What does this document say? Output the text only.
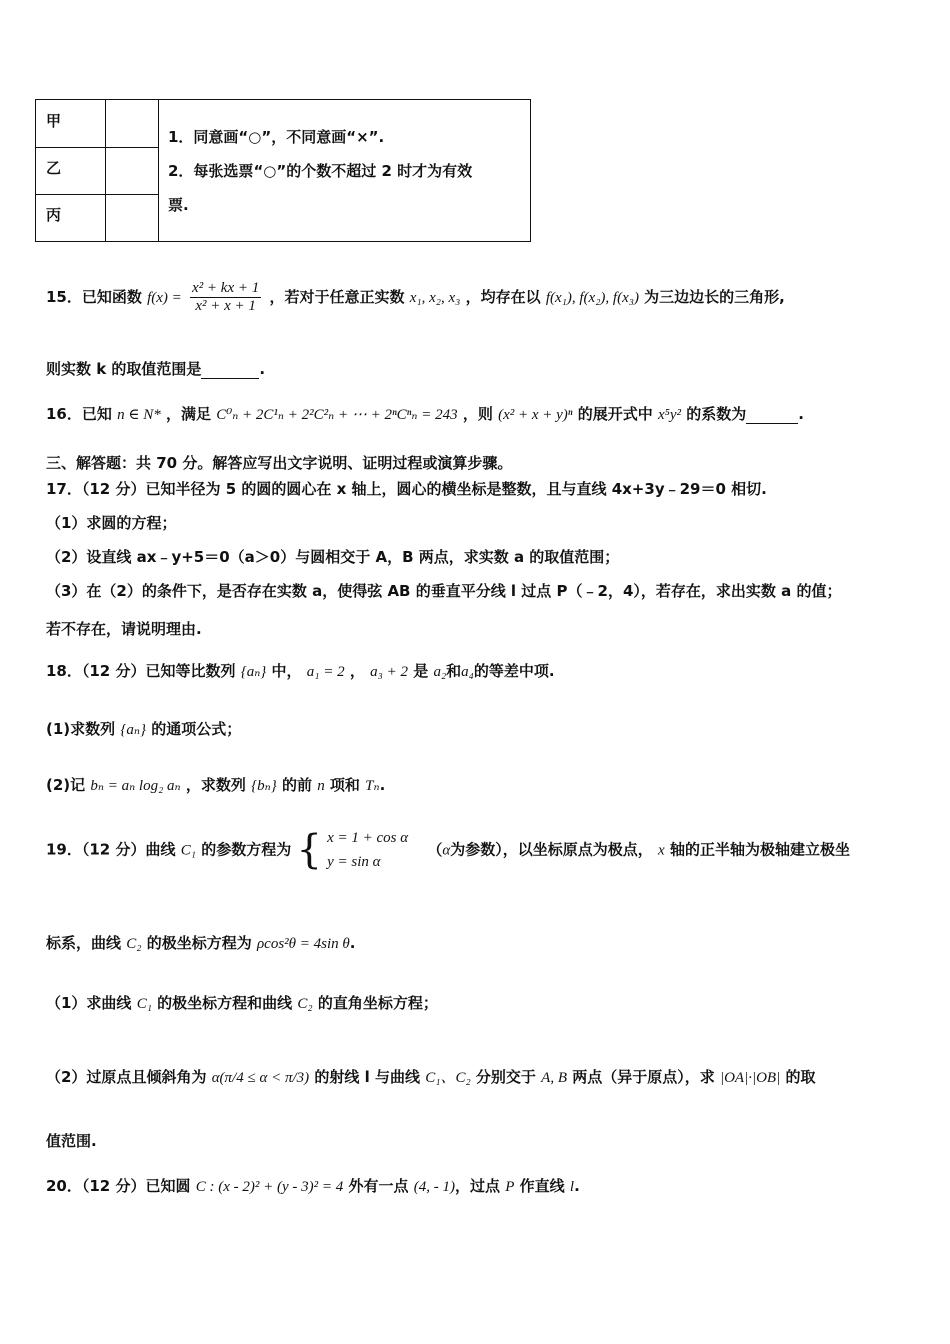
甲
乙
丙
1．同意画“○”，不同意画“×”.
2．每张选票“○”的个数不超过 2 时才为有效
票.
15．已知函数 $f(x) = \frac{\text{x² + kx + 1}}{\text{x² + x + 1}}$ ，若对于任意正实数 x₁, x₂, x₃ ，均存在以 f(x₁), f(x₂), f(x₃) 为三边边长的三角形,
则实数 k 的取值范围是	.
16．已知 n ∈ N* ，满足 C⁰ₙ + 2C¹ₙ + 2²C²ₙ + ⋯ + 2ⁿCⁿₙ = 243 ，则 (x² + x + y)ⁿ 的展开式中 x⁵y² 的系数为	.
三、解答题：共 70 分。解答应写出文字说明、证明过程或演算步骤。
17．（12 分）已知半径为 5 的圆的圆心在 x 轴上，圆心的横坐标是整数，且与直线 4x+3y﹣29＝0 相切.
（1）求圆的方程；
（2）设直线 ax﹣y+5＝0（a＞0）与圆相交于 A，B 两点，求实数 a 的取值范围；
（3）在（2）的条件下，是否存在实数 a，使得弦 AB 的垂直平分线 l 过点 P（﹣2，4），若存在，求出实数 a 的值；
若不存在，请说明理由.
18．（12 分）已知等比数列 {aₙ} 中， a₁ = 2 ， a₃ + 2 是 a₂和a₄的等差中项.
(1)求数列 {aₙ} 的通项公式；
(2)记 bₙ = aₙ log₂ aₙ ，求数列 {bₙ} 的前 n 项和 Tₙ.
19．（12 分）曲线 C₁ 的参数方程为 { x = 1 + cos α
y = sin α
（α为参数），以坐标原点为极点， x 轴的正半轴为极轴建立极坐
标系，曲线 C₂ 的极坐标方程为 ρcos²θ = 4sin θ.
（1）求曲线 C₁ 的极坐标方程和曲线 C₂ 的直角坐标方程；
（2）过原点且倾斜角为 α(π/4 ≤ α < π/3) 的射线 l 与曲线 C₁、C₂ 分别交于 A, B 两点（异于原点），求 |OA|·|OB| 的取
值范围.
20．（12 分）已知圆 C : (x - 2)² + (y - 3)² = 4 外有一点 (4, - 1)，过点 P 作直线 l.
